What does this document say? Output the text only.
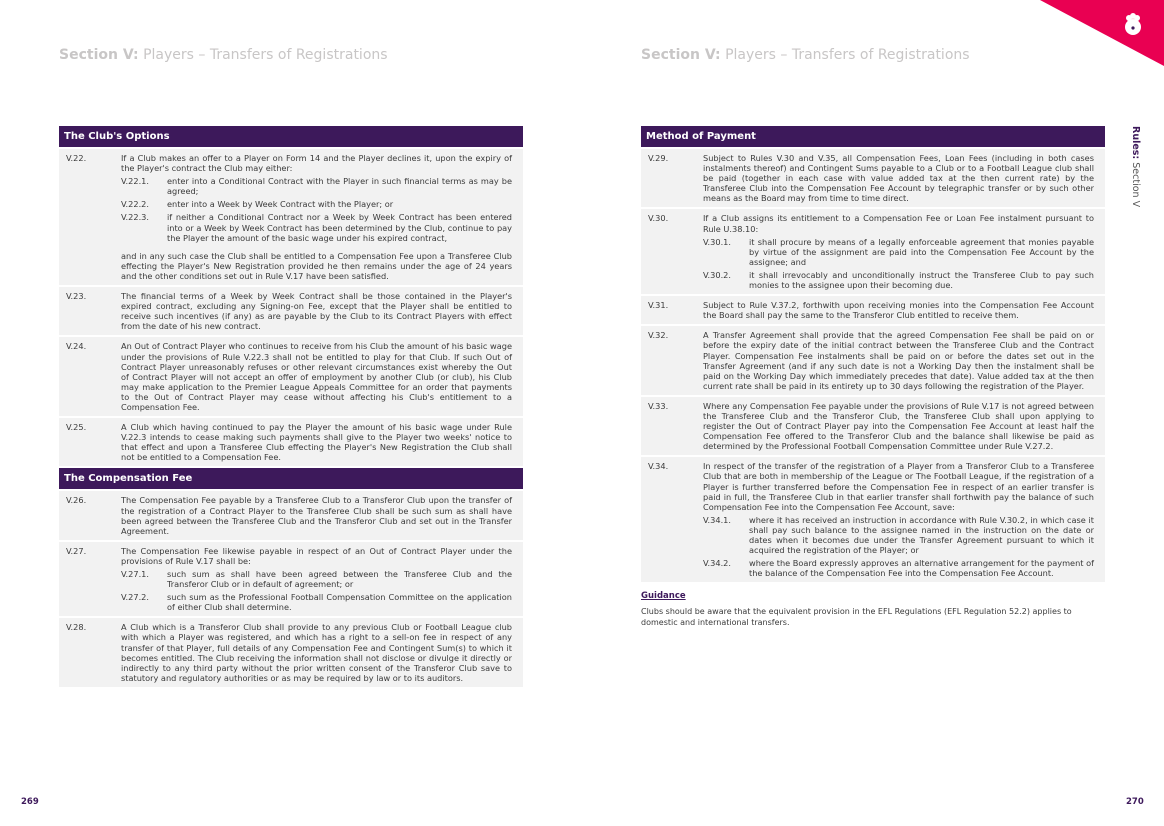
Section V: Players – Transfers of Registrations	Section V: Players – Transfers of Registrations
Rules: Section V
269	270
The Club's Options
V.22.	If a Club makes an offer to a Player on Form 14 and the Player declines it, upon the expiry of the Player's contract the Club may either:
V.22.1.	enter into a Conditional Contract with the Player in such financial terms as may be agreed;
V.22.2.	enter into a Week by Week Contract with the Player; or
V.22.3.	if neither a Conditional Contract nor a Week by Week Contract has been entered into or a Week by Week Contract has been determined by the Club, continue to pay the Player the amount of the basic wage under his expired contract,
and in any such case the Club shall be entitled to a Compensation Fee upon a Transferee Club effecting the Player's New Registration provided he then remains under the age of 24 years and the other conditions set out in Rule V.17 have been satisfied.
V.23.	The financial terms of a Week by Week Contract shall be those contained in the Player's expired contract, excluding any Signing-on Fee, except that the Player shall be entitled to receive such incentives (if any) as are payable by the Club to its Contract Players with effect from the date of his new contract.
V.24.	An Out of Contract Player who continues to receive from his Club the amount of his basic wage under the provisions of Rule V.22.3 shall not be entitled to play for that Club. If such Out of Contract Player unreasonably refuses or other relevant circumstances exist whereby the Out of Contract Player will not accept an offer of employment by another Club (or club), his Club may make application to the Premier League Appeals Committee for an order that payments to the Out of Contract Player may cease without affecting his Club's entitlement to a Compensation Fee.
V.25.	A Club which having continued to pay the Player the amount of his basic wage under Rule V.22.3 intends to cease making such payments shall give to the Player two weeks' notice to that effect and upon a Transferee Club effecting the Player's New Registration the Club shall not be entitled to a Compensation Fee.
The Compensation Fee
V.26.	The Compensation Fee payable by a Transferee Club to a Transferor Club upon the transfer of the registration of a Contract Player to the Transferee Club shall be such sum as shall have been agreed between the Transferee Club and the Transferor Club and set out in the Transfer Agreement.
V.27.	The Compensation Fee likewise payable in respect of an Out of Contract Player under the provisions of Rule V.17 shall be:
V.27.1.	such sum as shall have been agreed between the Transferee Club and the Transferor Club or in default of agreement; or
V.27.2.	such sum as the Professional Football Compensation Committee on the application of either Club shall determine.
V.28.	A Club which is a Transferor Club shall provide to any previous Club or Football League club with which a Player was registered, and which has a right to a sell-on fee in respect of any transfer of that Player, full details of any Compensation Fee and Contingent Sum(s) to which it becomes entitled. The Club receiving the information shall not disclose or divulge it directly or indirectly to any third party without the prior written consent of the Transferor Club save to statutory and regulatory authorities or as may be required by law or to its auditors.
Method of Payment
V.29.	Subject to Rules V.30 and V.35, all Compensation Fees, Loan Fees (including in both cases instalments thereof) and Contingent Sums payable to a Club or to a Football League club shall be paid (together in each case with value added tax at the then current rate) by the Transferee Club into the Compensation Fee Account by telegraphic transfer or by such other means as the Board may from time to time direct.
V.30.	If a Club assigns its entitlement to a Compensation Fee or Loan Fee instalment pursuant to Rule U.38.10:
V.30.1.	it shall procure by means of a legally enforceable agreement that monies payable by virtue of the assignment are paid into the Compensation Fee Account by the assignee; and
V.30.2.	it shall irrevocably and unconditionally instruct the Transferee Club to pay such monies to the assignee upon their becoming due.
V.31.	Subject to Rule V.37.2, forthwith upon receiving monies into the Compensation Fee Account the Board shall pay the same to the Transferor Club entitled to receive them.
V.32.	A Transfer Agreement shall provide that the agreed Compensation Fee shall be paid on or before the expiry date of the initial contract between the Transferee Club and the Contract Player. Compensation Fee instalments shall be paid on or before the dates set out in the Transfer Agreement (and if any such date is not a Working Day then the instalment shall be paid on the Working Day which immediately precedes that date). Value added tax at the then current rate shall be paid in its entirety up to 30 days following the registration of the Player.
V.33.	Where any Compensation Fee payable under the provisions of Rule V.17 is not agreed between the Transferee Club and the Transferor Club, the Transferee Club shall upon applying to register the Out of Contract Player pay into the Compensation Fee Account at least half the Compensation Fee offered to the Transferor Club and the balance shall likewise be paid as determined by the Professional Football Compensation Committee under Rule V.27.2.
V.34.	In respect of the transfer of the registration of a Player from a Transferor Club to a Transferee Club that are both in membership of the League or The Football League, if the registration of a Player is further transferred before the Compensation Fee in respect of an earlier transfer is paid in full, the Transferee Club in that earlier transfer shall forthwith pay the balance of such Compensation Fee into the Compensation Fee Account, save:
V.34.1.	where it has received an instruction in accordance with Rule V.30.2, in which case it shall pay such balance to the assignee named in the instruction on the date or dates when it becomes due under the Transfer Agreement pursuant to which it acquired the registration of the Player; or
V.34.2.	where the Board expressly approves an alternative arrangement for the payment of the balance of the Compensation Fee into the Compensation Fee Account.
Guidance
Clubs should be aware that the equivalent provision in the EFL Regulations (EFL Regulation 52.2) applies to domestic and international transfers.
